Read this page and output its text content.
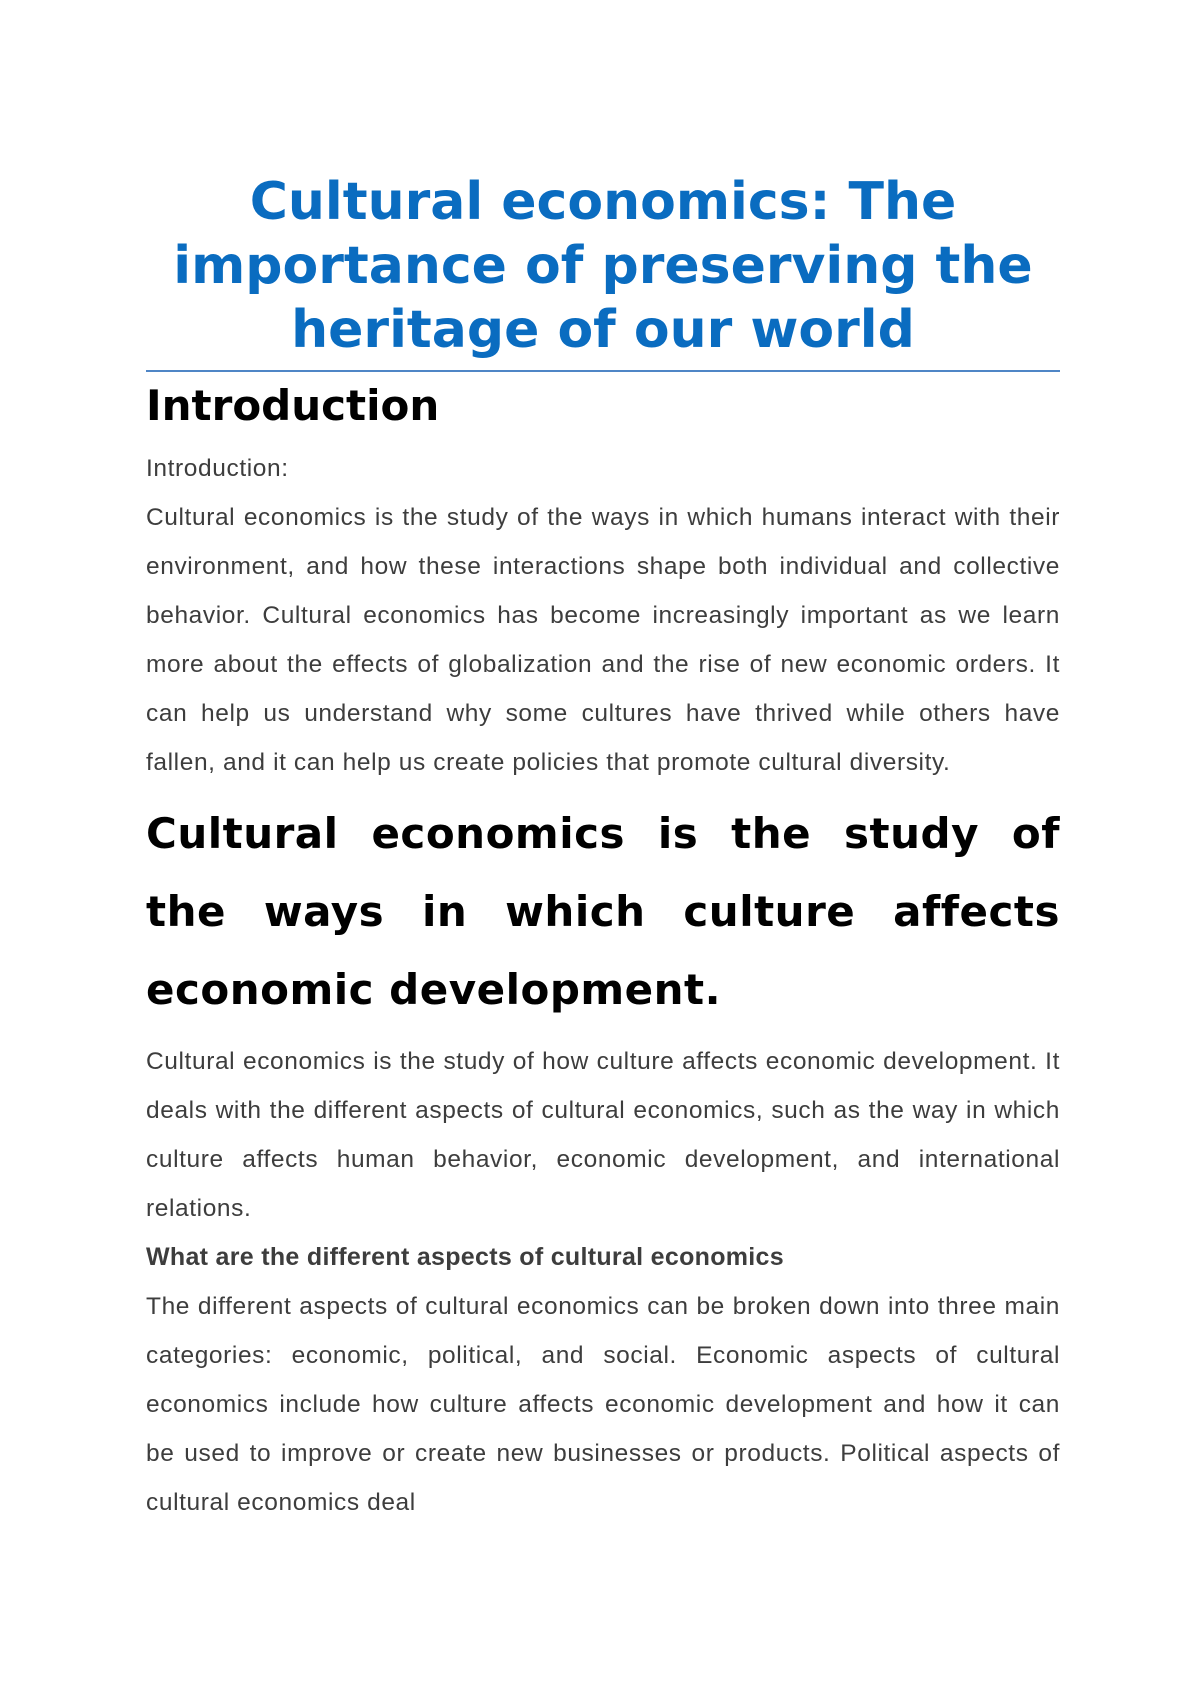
Cultural economics: The importance of preserving the heritage of our world
Introduction

Introduction:

Cultural economics is the study of the ways in which humans interact with their environment, and how these interactions shape both individual and collective behavior. Cultural economics has become increasingly important as we learn more about the effects of globalization and the rise of new economic orders. It can help us understand why some cultures have thrived while others have fallen, and it can help us create policies that promote cultural diversity.

Cultural economics is the study of the ways in which culture affects economic development.

Cultural economics is the study of how culture affects economic development. It deals with the different aspects of cultural economics, such as the way in which culture affects human behavior, economic development, and international relations.

What are the different aspects of cultural economics

The different aspects of cultural economics can be broken down into three main categories: economic, political, and social. Economic aspects of cultural economics include how culture affects economic development and how it can be used to improve or create new businesses or products. Political aspects of cultural economics deal
